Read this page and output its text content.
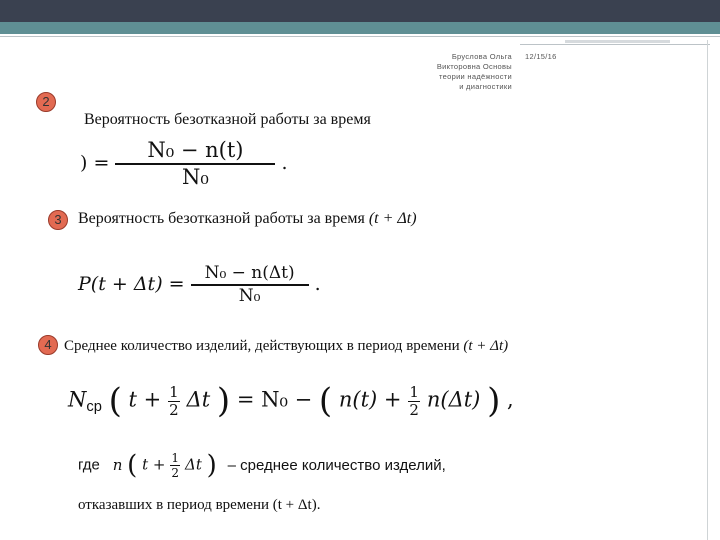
Бруслова Ольга
Викторовна Основы
теории надёжности
и диагностики
12/15/16
2
Вероятность безотказной работы за время
) = $\frac{\text{N₀ − n(t)}}{\text{N₀}}$ .
3	Вероятность безотказной работы за время (t + Δt)
$P(t + \Delta t) = \frac{\text{N₀ − n(Δt)}}{\text{N₀}}$ .
4 Среднее количество изделий, действующих в период времени (t + Δt)
$N_{ср}$ ( $t + \frac{1}{2}$ Δt ) = N₀ − ( $n(t) + \frac{1}{2} n(\Delta t)$ ) ,
где n ( $t + \frac{1}{2}$ Δt ) – среднее количество изделий,
отказавших в период времени (t + Δt).
